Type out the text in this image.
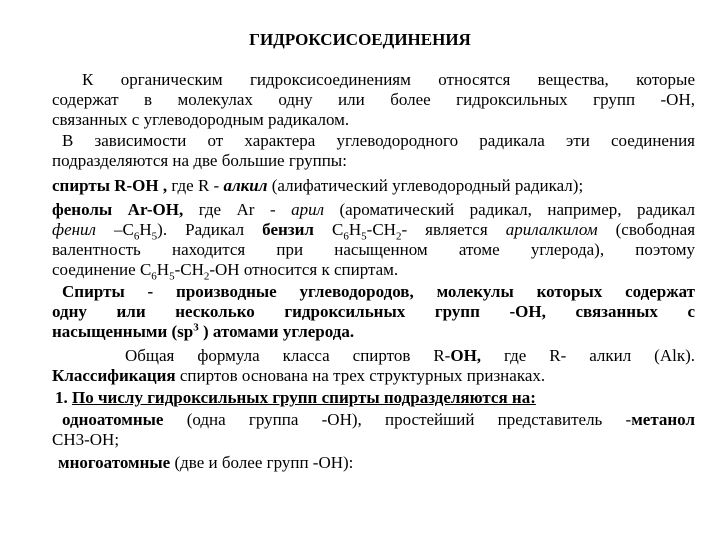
ГИДРОКСИСОЕДИНЕНИЯ
К органическим гидроксисоединениям относятся вещества, которые
содержат в молекулах одну или более гидроксильных групп -ОН,
связанных с углеводородным радикалом.
В зависимости от характера углеводородного радикала эти соединения
подразделяются на две большие группы:
спирты R-OH , где R - алкил (алифатический углеводородный радикал);
фенолы Ar-OH, где Ar - арил (ароматический радикал, например, радикал
фенил $-C_6H_5$). Радикал бензил $C_6H_5-CH_2-$ является арилалкилом (свободная
валентность находится при насыщенном атоме углерода), поэтому
соединение $C_6H_5-CH_2-OH$ относится к спиртам.
Спирты - производные углеводородов, молекулы которых содержат
одну или несколько гидроксильных групп -ОН, связанных с
насыщенными ($sp^3$ ) атомами углерода.
Общая формула класса спиртов R-ОН, где R- алкил (Alк).
Классификация спиртов основана на трех структурных признаках.
1. По числу гидроксильных групп спирты подразделяются на:
одноатомные (одна группа -ОН), простейший представитель -метанол
CH3-OH;
многоатомные (две и более групп -ОН):
